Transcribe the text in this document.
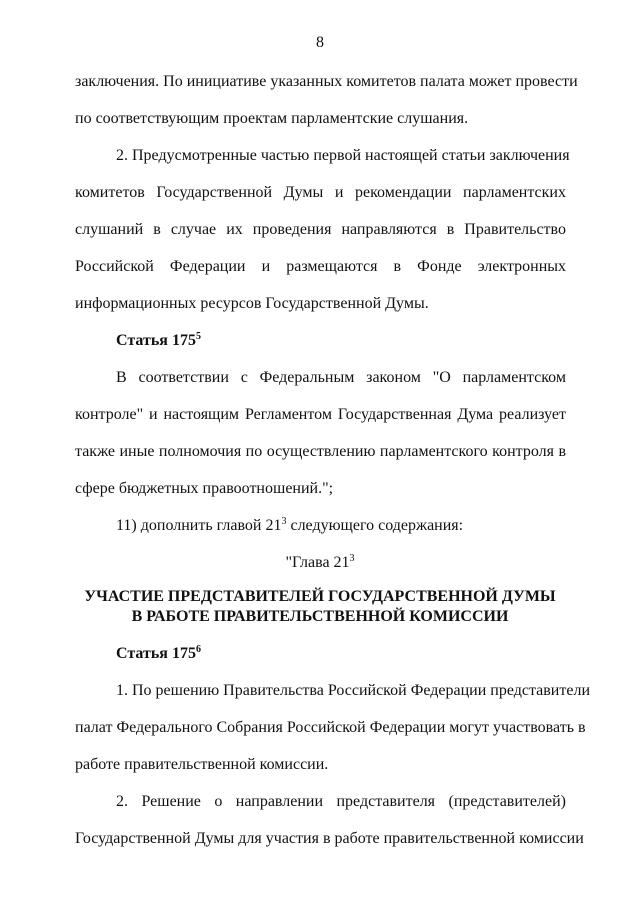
8
заключения. По инициативе указанных комитетов палата может провести
по соответствующим проектам парламентские слушания.
2. Предусмотренные частью первой настоящей статьи заключения
комитетов Государственной Думы и рекомендации парламентских
слушаний в случае их проведения направляются в Правительство
Российской Федерации и размещаются в Фонде электронных
информационных ресурсов Государственной Думы.
Статья $175^5$
В соответствии с Федеральным законом "О парламентском
контроле" и настоящим Регламентом Государственная Дума реализует
также иные полномочия по осуществлению парламентского контроля в
сфере бюджетных правоотношений.";
11) дополнить главой $21^3$ следующего содержания:
"Глава $21^3$
УЧАСТИЕ ПРЕДСТАВИТЕЛЕЙ ГОСУДАРСТВЕННОЙ ДУМЫ
В РАБОТЕ ПРАВИТЕЛЬСТВЕННОЙ КОМИССИИ
Статья $175^6$
1. По решению Правительства Российской Федерации представители
палат Федерального Собрания Российской Федерации могут участвовать в
работе правительственной комиссии.
2. Решение о направлении представителя (представителей)
Государственной Думы для участия в работе правительственной комиссии
